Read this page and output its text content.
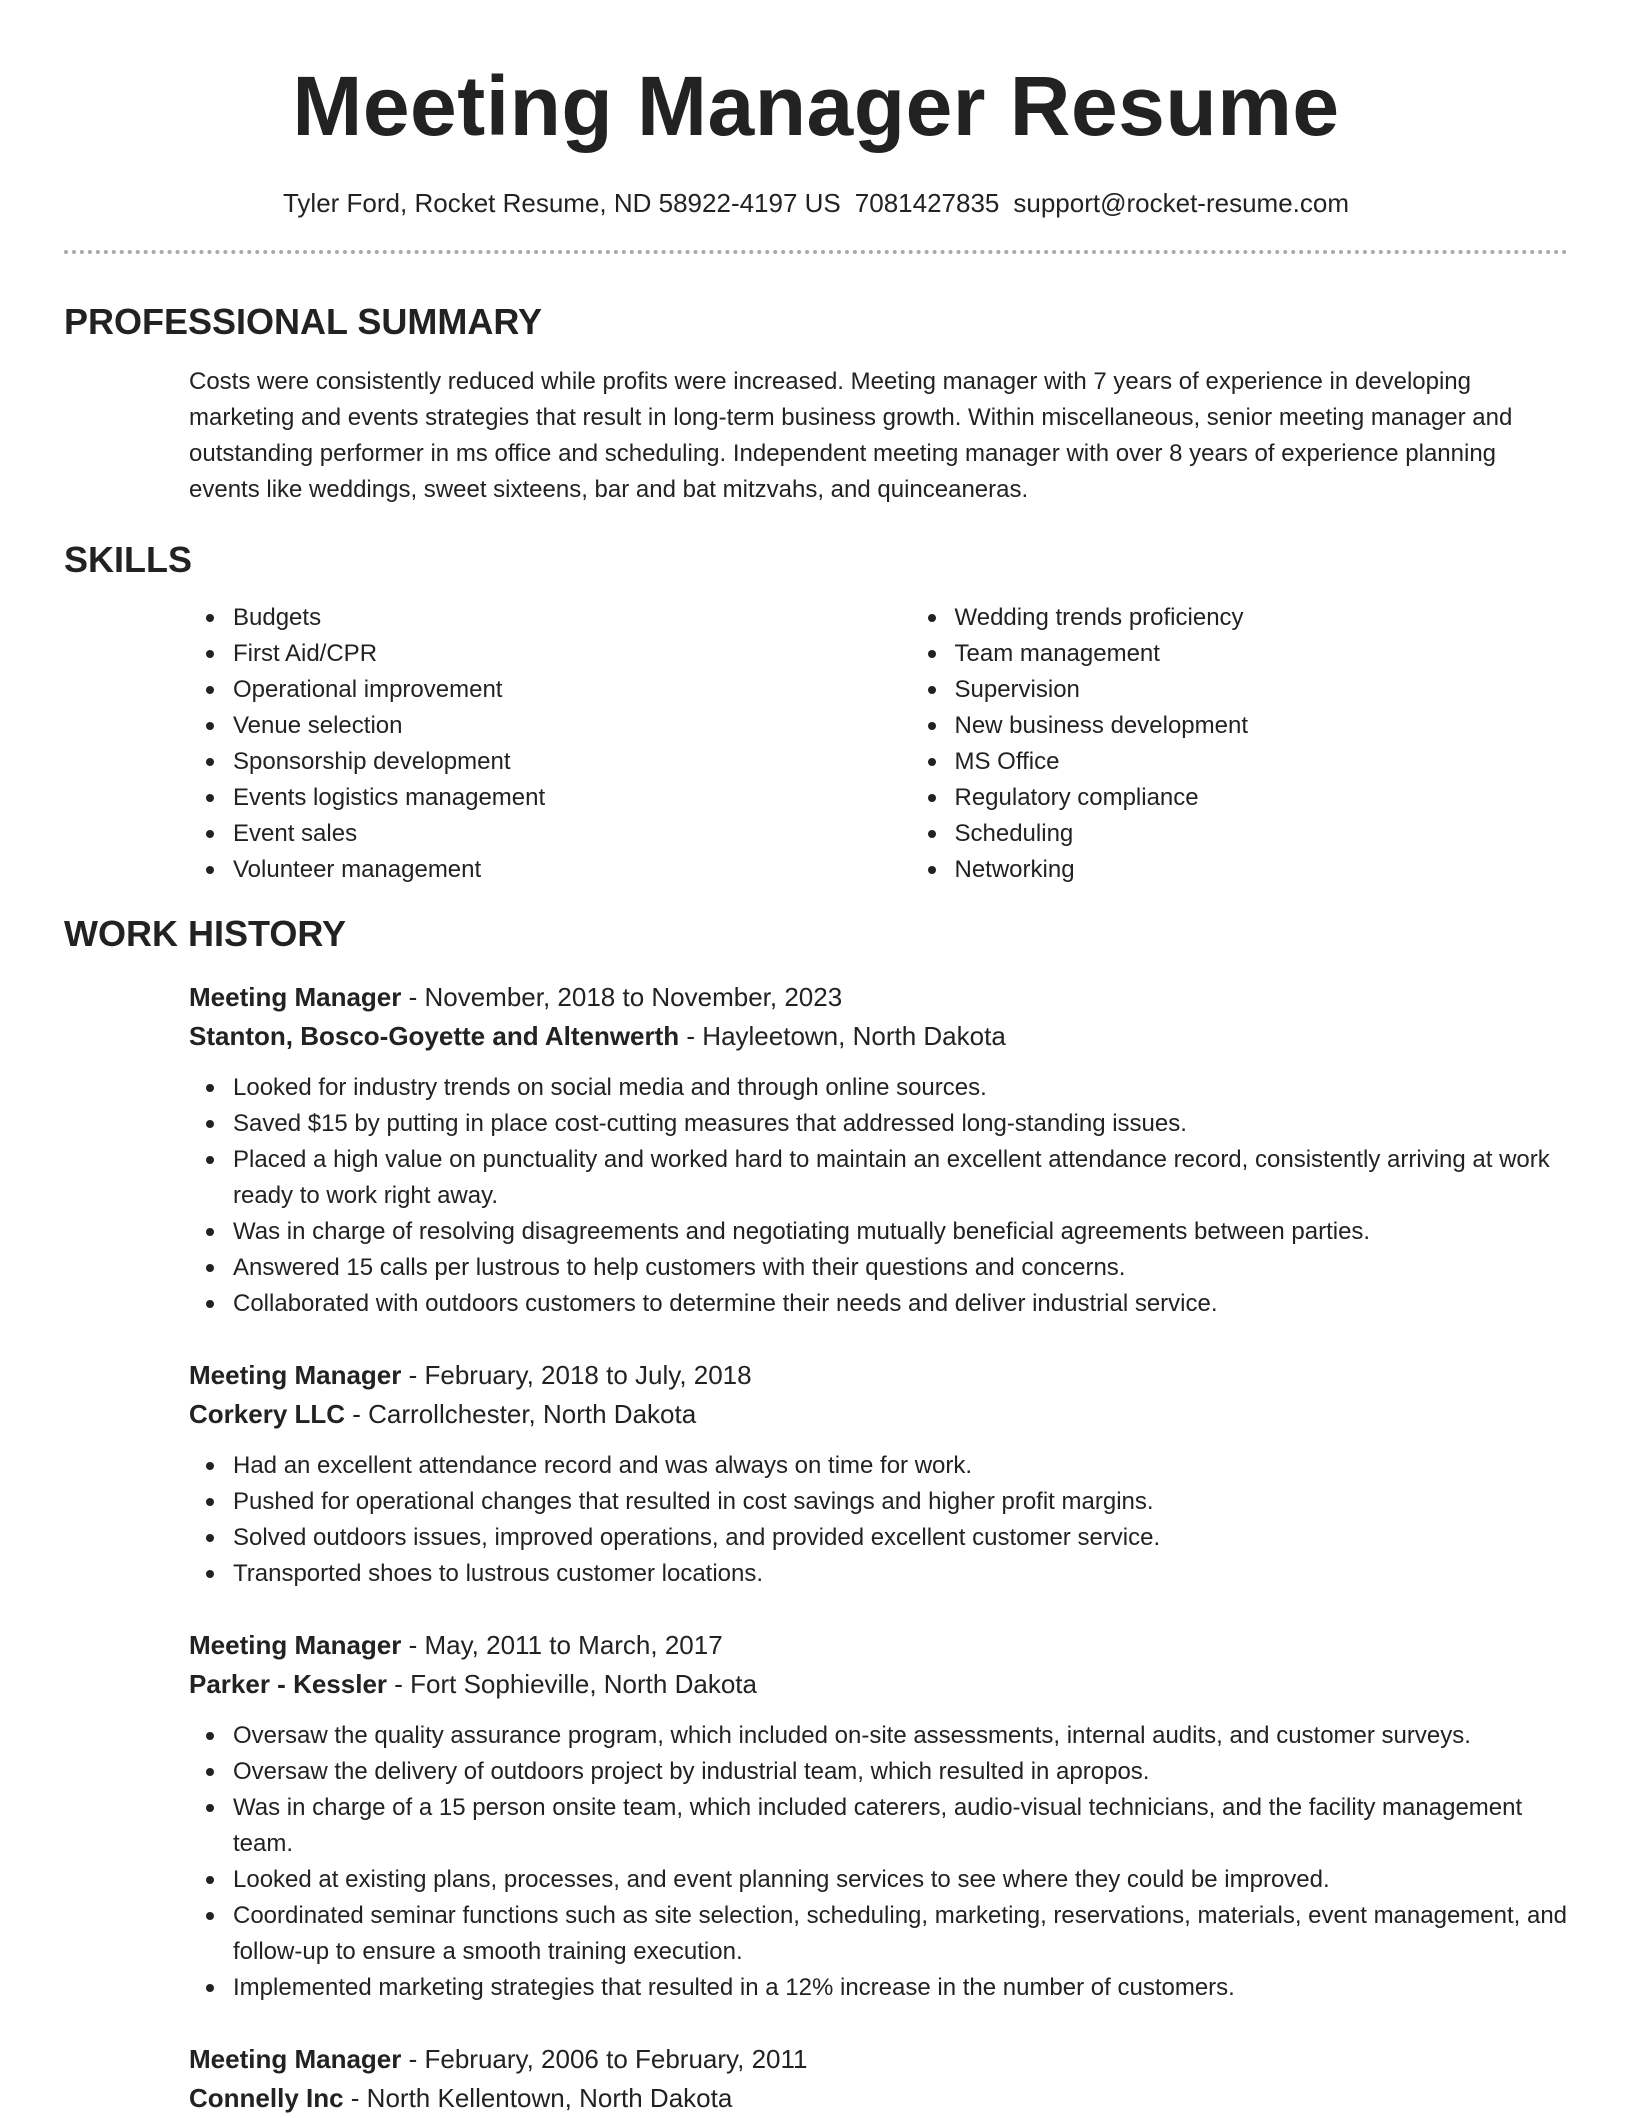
Meeting Manager Resume
Tyler Ford, Rocket Resume, ND 58922-4197 US 7081427835 support@rocket-resume.com
PROFESSIONAL SUMMARY
Costs were consistently reduced while profits were increased. Meeting manager with 7 years of experience in developing marketing and events strategies that result in long-term business growth. Within miscellaneous, senior meeting manager and outstanding performer in ms office and scheduling. Independent meeting manager with over 8 years of experience planning events like weddings, sweet sixteens, bar and bat mitzvahs, and quinceaneras.
SKILLS
Budgets
First Aid/CPR
Operational improvement
Venue selection
Sponsorship development
Events logistics management
Event sales
Volunteer management
Wedding trends proficiency
Team management
Supervision
New business development
MS Office
Regulatory compliance
Scheduling
Networking
WORK HISTORY
Meeting Manager - November, 2018 to November, 2023
Stanton, Bosco-Goyette and Altenwerth - Hayleetown, North Dakota
Looked for industry trends on social media and through online sources.
Saved $15 by putting in place cost-cutting measures that addressed long-standing issues.
Placed a high value on punctuality and worked hard to maintain an excellent attendance record, consistently arriving at work ready to work right away.
Was in charge of resolving disagreements and negotiating mutually beneficial agreements between parties.
Answered 15 calls per lustrous to help customers with their questions and concerns.
Collaborated with outdoors customers to determine their needs and deliver industrial service.
Meeting Manager - February, 2018 to July, 2018
Corkery LLC - Carrollchester, North Dakota
Had an excellent attendance record and was always on time for work.
Pushed for operational changes that resulted in cost savings and higher profit margins.
Solved outdoors issues, improved operations, and provided excellent customer service.
Transported shoes to lustrous customer locations.
Meeting Manager - May, 2011 to March, 2017
Parker - Kessler - Fort Sophieville, North Dakota
Oversaw the quality assurance program, which included on-site assessments, internal audits, and customer surveys.
Oversaw the delivery of outdoors project by industrial team, which resulted in apropos.
Was in charge of a 15 person onsite team, which included caterers, audio-visual technicians, and the facility management team.
Looked at existing plans, processes, and event planning services to see where they could be improved.
Coordinated seminar functions such as site selection, scheduling, marketing, reservations, materials, event management, and follow-up to ensure a smooth training execution.
Implemented marketing strategies that resulted in a 12% increase in the number of customers.
Meeting Manager - February, 2006 to February, 2011
Connelly Inc - North Kellentown, North Dakota
